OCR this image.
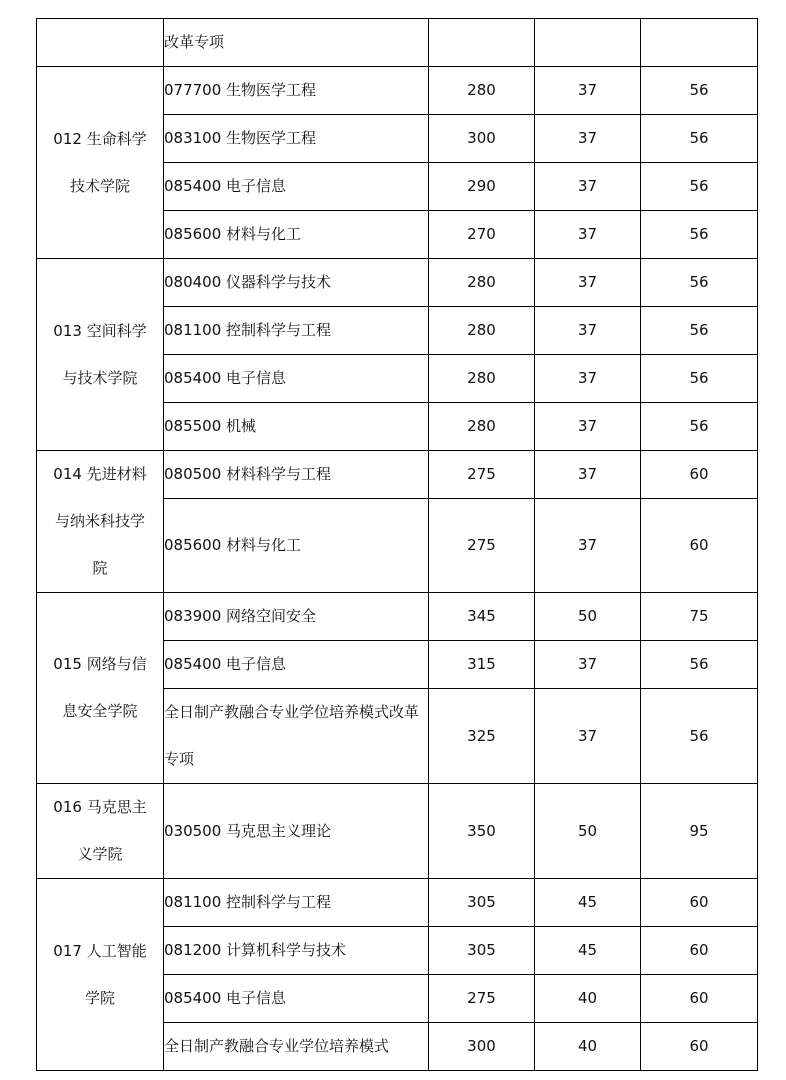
	改革专项			
012 生命科学技术学院	077700 生物医学工程	280	37	56
	083100 生物医学工程	300	37	56
	085400 电子信息	290	37	56
	085600 材料与化工	270	37	56
013 空间科学与技术学院	080400 仪器科学与技术	280	37	56
	081100 控制科学与工程	280	37	56
	085400 电子信息	280	37	56
	085500 机械	280	37	56
014 先进材料与纳米科技学院	080500 材料科学与工程	275	37	60
	085600 材料与化工	275	37	60
015 网络与信息安全学院	083900 网络空间安全	345	50	75
	085400 电子信息	315	37	56

	全日制产教融合专业学位培养模式改革专项	325	37	56
016 马克思主义学院	030500 马克思主义理论	350	50	95
017 人工智能学院	081100 控制科学与工程	305	45	60
	081200 计算机科学与技术	305	45	60
	085400 电子信息	275	40	60
	全日制产教融合专业学位培养模式	300	40	60
